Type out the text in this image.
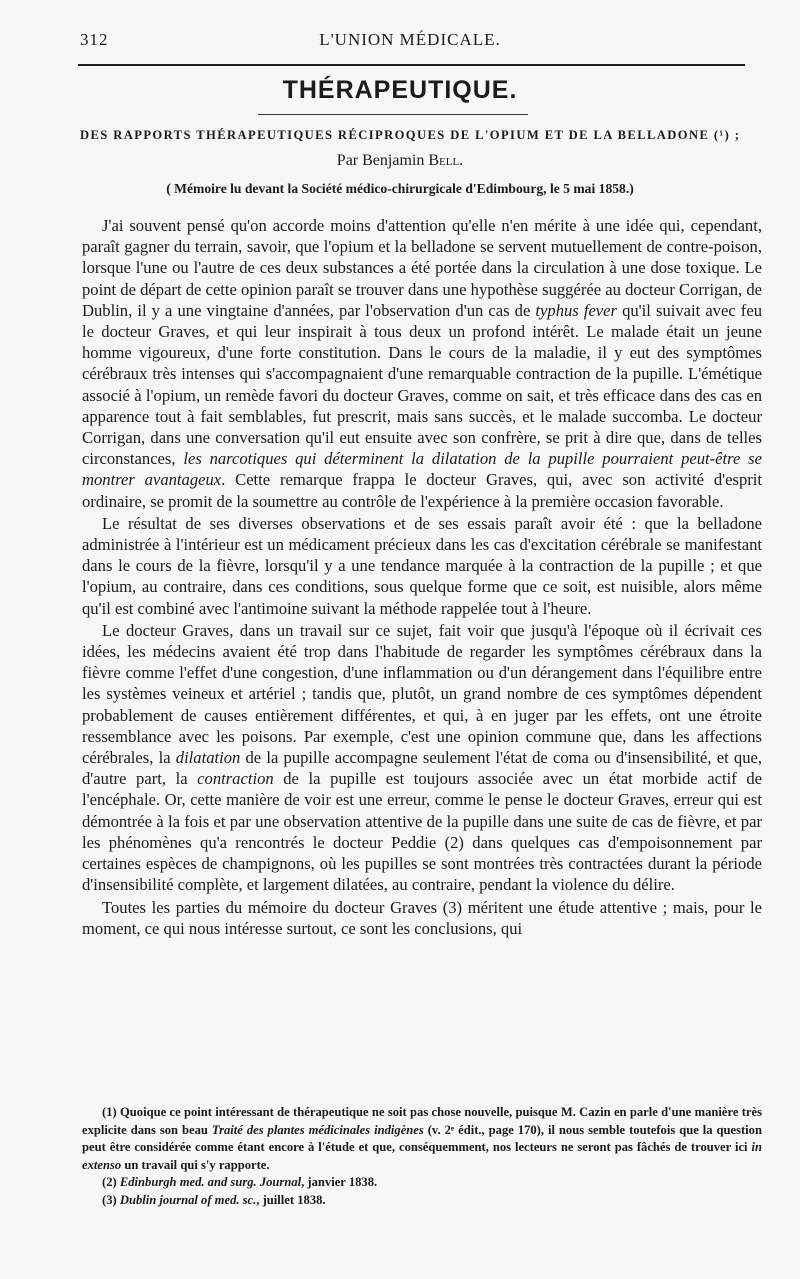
312	L'UNION MÉDICALE.
THÉRAPEUTIQUE.
DES RAPPORTS THÉRAPEUTIQUES RÉCIPROQUES DE L'OPIUM ET DE LA BELLADONE (¹) ;
Par Benjamin Bell.
( Mémoire lu devant la Société médico-chirurgicale d'Edimbourg, le 5 mai 1858.)

J'ai souvent pensé qu'on accorde moins d'attention qu'elle n'en mérite à une idée qui, cependant, paraît gagner du terrain, savoir, que l'opium et la belladone se servent mutuellement de contre-poison, lorsque l'une ou l'autre de ces deux substances a été portée dans la circulation à une dose toxique. Le point de départ de cette opinion paraît se trouver dans une hypothèse suggérée au docteur Corrigan, de Dublin, il y a une vingtaine d'années, par l'observation d'un cas de typhus fever qu'il suivait avec feu le docteur Graves, et qui leur inspirait à tous deux un profond intérêt. Le malade était un jeune homme vigoureux, d'une forte constitution. Dans le cours de la maladie, il y eut des symptômes cérébraux très intenses qui s'accompagnaient d'une remarquable contraction de la pupille. L'émétique associé à l'opium, un remède favori du docteur Graves, comme on sait, et très efficace dans des cas en apparence tout à fait semblables, fut prescrit, mais sans succès, et le malade succomba. Le docteur Corrigan, dans une conversation qu'il eut ensuite avec son confrère, se prit à dire que, dans de telles circonstances, les narcotiques qui déterminent la dilatation de la pupille pourraient peut-être se montrer avantageux. Cette remarque frappa le docteur Graves, qui, avec son activité d'esprit ordinaire, se promit de la soumettre au contrôle de l'expérience à la première occasion favorable.

Le résultat de ses diverses observations et de ses essais paraît avoir été : que la belladone administrée à l'intérieur est un médicament précieux dans les cas d'excitation cérébrale se manifestant dans le cours de la fièvre, lorsqu'il y a une tendance marquée à la contraction de la pupille ; et que l'opium, au contraire, dans ces conditions, sous quelque forme que ce soit, est nuisible, alors même qu'il est combiné avec l'antimoine suivant la méthode rappelée tout à l'heure.

Le docteur Graves, dans un travail sur ce sujet, fait voir que jusqu'à l'époque où il écrivait ces idées, les médecins avaient été trop dans l'habitude de regarder les symptômes cérébraux dans la fièvre comme l'effet d'une congestion, d'une inflammation ou d'un dérangement dans l'équilibre entre les systèmes veineux et artériel ; tandis que, plutôt, un grand nombre de ces symptômes dépendent probablement de causes entièrement différentes, et qui, à en juger par les effets, ont une étroite ressemblance avec les poisons. Par exemple, c'est une opinion commune que, dans les affections cérébrales, la dilatation de la pupille accompagne seulement l'état de coma ou d'insensibilité, et que, d'autre part, la contraction de la pupille est toujours associée avec un état morbide actif de l'encéphale. Or, cette manière de voir est une erreur, comme le pense le docteur Graves, erreur qui est démontrée à la fois et par une observation attentive de la pupille dans une suite de cas de fièvre, et par les phénomènes qu'a rencontrés le docteur Peddie (2) dans quelques cas d'empoisonnement par certaines espèces de champignons, où les pupilles se sont montrées très contractées durant la période d'insensibilité complète, et largement dilatées, au contraire, pendant la violence du délire.

Toutes les parties du mémoire du docteur Graves (3) méritent une étude attentive ; mais, pour le moment, ce qui nous intéresse surtout, ce sont les conclusions, qui

(1) Quoique ce point intéressant de thérapeutique ne soit pas chose nouvelle, puisque M. Cazin en parle d'une manière très explicite dans son beau Traité des plantes médicinales indigènes (v. 2ᵉ édit., page 170), il nous semble toutefois que la question peut être considérée comme étant encore à l'étude et que, conséquemment, nos lecteurs ne seront pas fâchés de trouver ici in extenso un travail qui s'y rapporte.

(2) Edinburgh med. and surg. Journal, janvier 1838.

(3) Dublin journal of med. sc., juillet 1838.
